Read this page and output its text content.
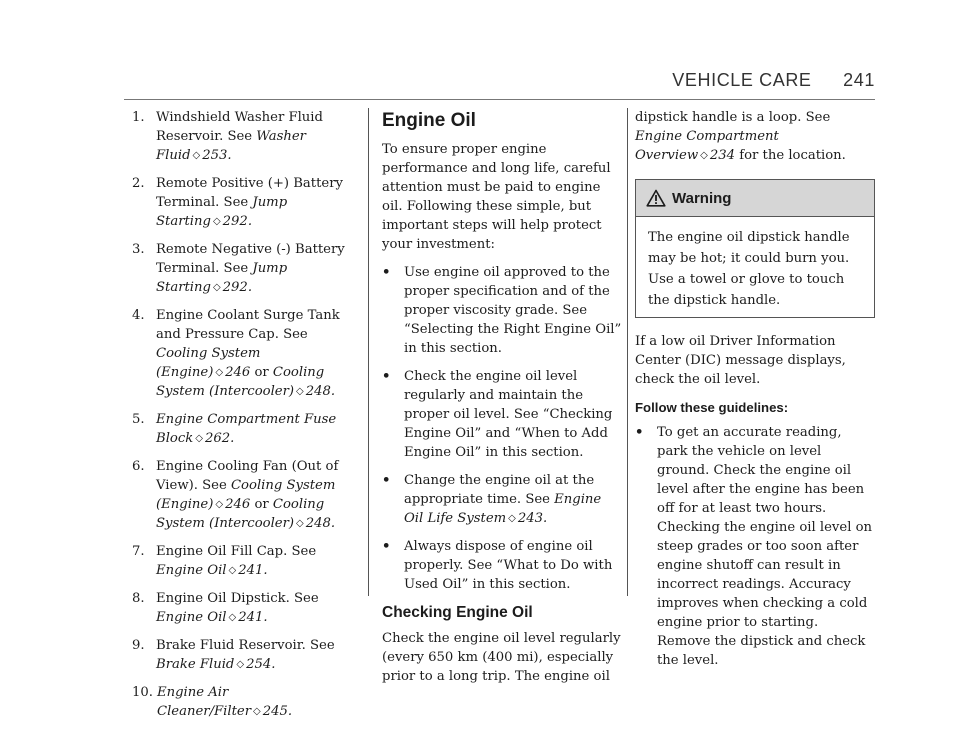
VEHICLE CARE 241
1. Windshield Washer Fluid Reservoir. See Washer Fluid ◇ 253.
2. Remote Positive (+) Battery Terminal. See Jump Starting ◇ 292.
3. Remote Negative (-) Battery Terminal. See Jump Starting ◇ 292.
4. Engine Coolant Surge Tank and Pressure Cap. See Cooling System (Engine) ◇ 246 or Cooling System (Intercooler) ◇ 248.
5. Engine Compartment Fuse Block ◇ 262.
6. Engine Cooling Fan (Out of View). See Cooling System (Engine) ◇ 246 or Cooling System (Intercooler) ◇ 248.
7. Engine Oil Fill Cap. See Engine Oil ◇ 241.
8. Engine Oil Dipstick. See Engine Oil ◇ 241.
9. Brake Fluid Reservoir. See Brake Fluid ◇ 254.
10. Engine Air Cleaner/Filter ◇ 245.
Engine Oil

To ensure proper engine performance and long life, careful attention must be paid to engine oil. Following these simple, but important steps will help protect your investment:

•	Use engine oil approved to the proper specification and of the proper viscosity grade. See “Selecting the Right Engine Oil” in this section.
•	Check the engine oil level regularly and maintain the proper oil level. See “Checking Engine Oil” and “When to Add Engine Oil” in this section.
•	Change the engine oil at the appropriate time. See Engine Oil Life System ◇ 243.
•	Always dispose of engine oil properly. See “What to Do with Used Oil” in this section.
Checking Engine Oil

Check the engine oil level regularly (every 650 km (400 mi), especially prior to a long trip. The engine oil

dipstick handle is a loop. See Engine Compartment Overview ◇ 234 for the location.

Warning
The engine oil dipstick handle may be hot; it could burn you. Use a towel or glove to touch the dipstick handle.

If a low oil Driver Information Center (DIC) message displays, check the oil level.

Follow these guidelines:
•	To get an accurate reading, park the vehicle on level ground. Check the engine oil level after the engine has been off for at least two hours. Checking the engine oil level on steep grades or too soon after engine shutoff can result in incorrect readings. Accuracy improves when checking a cold engine prior to starting. Remove the dipstick and check the level.
